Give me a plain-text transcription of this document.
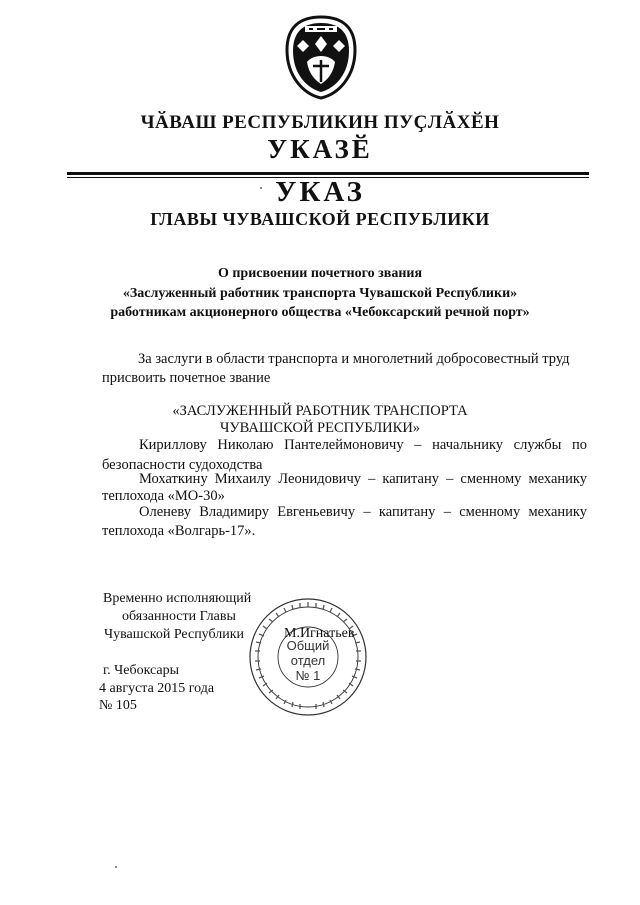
ЧӐВАШ РЕСПУБЛИКИН ПУҪЛӐХӖН
УКАЗӖ
УКАЗ
ГЛАВЫ ЧУВАШСКОЙ РЕСПУБЛИКИ
О присвоении почетного звания
«Заслуженный работник транспорта Чувашской Республики»
работникам акционерного общества «Чебоксарский речной порт»
За заслуги в области транспорта и многолетний добросовестный труд
присвоить почетное звание
«ЗАСЛУЖЕННЫЙ РАБОТНИК ТРАНСПОРТА
ЧУВАШСКОЙ РЕСПУБЛИКИ»
Кириллову Николаю Пантелеймоновичу – начальнику службы по
безопасности судоходства
Мохаткину Михаилу Леонидовичу – капитану – сменному механику
теплохода «МО-30»
Оленеву Владимиру Евгеньевичу – капитану – сменному механику
теплохода «Волгарь-17».
Общий
отдел
№ 1
Временно исполняющий
обязанности Главы
Чувашской Республики	М.Игнатьев
г. Чебоксары
4 августа 2015 года
№ 105
